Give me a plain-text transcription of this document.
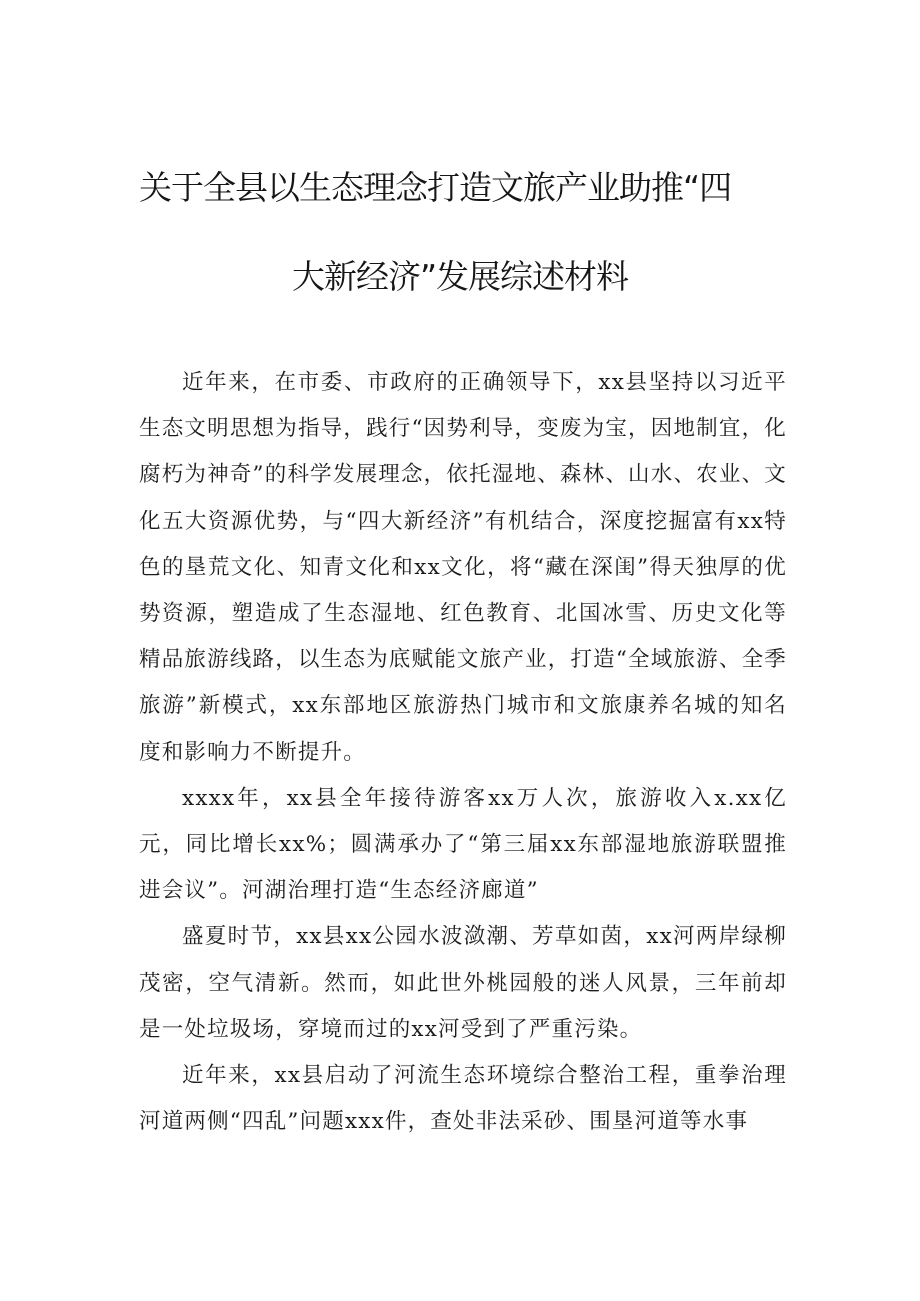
关于全县以生态理念打造文旅产业助推“四
大新经济”发展综述材料

近年来，在市委、市政府的正确领导下，xx县坚持以习近平生态文明思想为指导，践行“因势利导，变废为宝，因地制宜，化腐朽为神奇”的科学发展理念，依托湿地、森林、山水、农业、文化五大资源优势，与“四大新经济”有机结合，深度挖掘富有xx特色的垦荒文化、知青文化和xx文化，将“藏在深闺”得天独厚的优势资源，塑造成了生态湿地、红色教育、北国冰雪、历史文化等精品旅游线路，以生态为底赋能文旅产业，打造“全域旅游、全季旅游”新模式，xx东部地区旅游热门城市和文旅康养名城的知名度和影响力不断提升。

xxxx年，xx县全年接待游客xx万人次，旅游收入x.xx亿元，同比增长xx%；圆满承办了“第三届xx东部湿地旅游联盟推进会议”。河湖治理打造“生态经济廊道”

盛夏时节，xx县xx公园水波潋潮、芳草如茵，xx河两岸绿柳茂密，空气清新。然而，如此世外桃园般的迷人风景，三年前却是一处垃圾场，穿境而过的xx河受到了严重污染。

近年来，xx县启动了河流生态环境综合整治工程，重拳治理河道两侧“四乱”问题xxx件，查处非法采砂、围垦河道等水事
